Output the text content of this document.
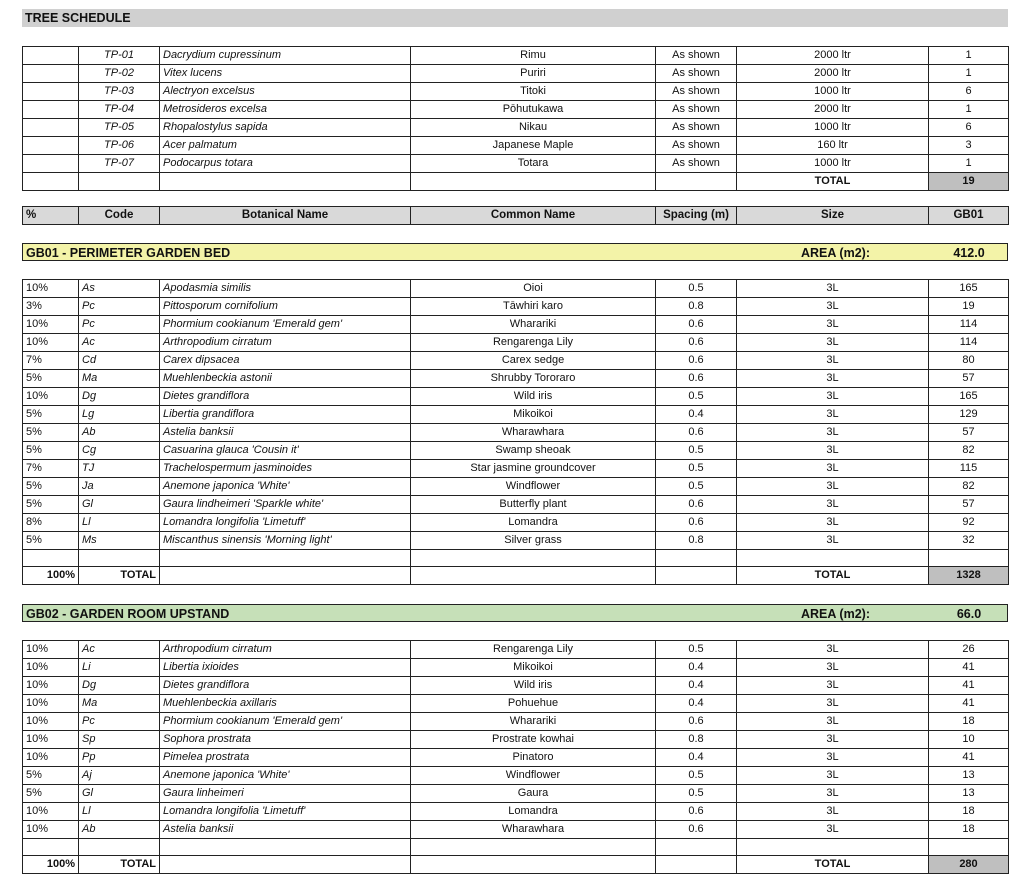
TREE SCHEDULE
	TP-01	Dacrydium cupressinum	Rimu	As shown	2000 ltr	1
	TP-02	Vitex lucens	Puriri	As shown	2000 ltr	1
	TP-03	Alectryon excelsus	Titoki	As shown	1000 ltr	6
	TP-04	Metrosideros excelsa	Pōhutukawa	As shown	2000 ltr	1
	TP-05	Rhopalostylus sapida	Nikau	As shown	1000 ltr	6
	TP-06	Acer palmatum	Japanese Maple	As shown	160 ltr	3
	TP-07	Podocarpus totara	Totara	As shown	1000 ltr	1
					TOTAL	19
%	Code	Botanical Name	Common Name	Spacing (m)	Size	GB01
GB01 - PERIMETER GARDEN BED	AREA (m2):	412.0
10%	As	Apodasmia similis	Oioi	0.5	3L	165
3%	Pc	Pittosporum cornifolium	Tāwhiri karo	0.8	3L	19
10%	Pc	Phormium cookianum 'Emerald gem'	Wharariki	0.6	3L	114
10%	Ac	Arthropodium cirratum	Rengarenga Lily	0.6	3L	114
7%	Cd	Carex dipsacea	Carex sedge	0.6	3L	80
5%	Ma	Muehlenbeckia astonii	Shrubby Tororaro	0.6	3L	57
10%	Dg	Dietes grandiflora	Wild iris	0.5	3L	165
5%	Lg	Libertia grandiflora	Mikoikoi	0.4	3L	129
5%	Ab	Astelia banksii	Wharawhara	0.6	3L	57
5%	Cg	Casuarina glauca 'Cousin it'	Swamp sheoak	0.5	3L	82
7%	TJ	Trachelospermum jasminoides	Star jasmine groundcover	0.5	3L	115
5%	Ja	Anemone japonica 'White'	Windflower	0.5	3L	82
5%	Gl	Gaura lindheimeri 'Sparkle white'	Butterfly plant	0.6	3L	57
8%	Ll	Lomandra longifolia 'Limetuff'	Lomandra	0.6	3L	92
5%	Ms	Miscanthus sinensis 'Morning light'	Silver grass	0.8	3L	32

100%	TOTAL				TOTAL	1328
GB02 - GARDEN ROOM UPSTAND	AREA (m2):	66.0
10%	Ac	Arthropodium cirratum	Rengarenga Lily	0.5	3L	26
10%	Li	Libertia ixioides	Mikoikoi	0.4	3L	41
10%	Dg	Dietes grandiflora	Wild iris	0.4	3L	41
10%	Ma	Muehlenbeckia axillaris	Pohuehue	0.4	3L	41
10%	Pc	Phormium cookianum 'Emerald gem'	Wharariki	0.6	3L	18
10%	Sp	Sophora prostrata	Prostrate kowhai	0.8	3L	10
10%	Pp	Pimelea prostrata	Pinatoro	0.4	3L	41
5%	Aj	Anemone japonica 'White'	Windflower	0.5	3L	13
5%	Gl	Gaura linheimeri	Gaura	0.5	3L	13
10%	Ll	Lomandra longifolia 'Limetuff'	Lomandra	0.6	3L	18
10%	Ab	Astelia banksii	Wharawhara	0.6	3L	18

100%	TOTAL				TOTAL	280
